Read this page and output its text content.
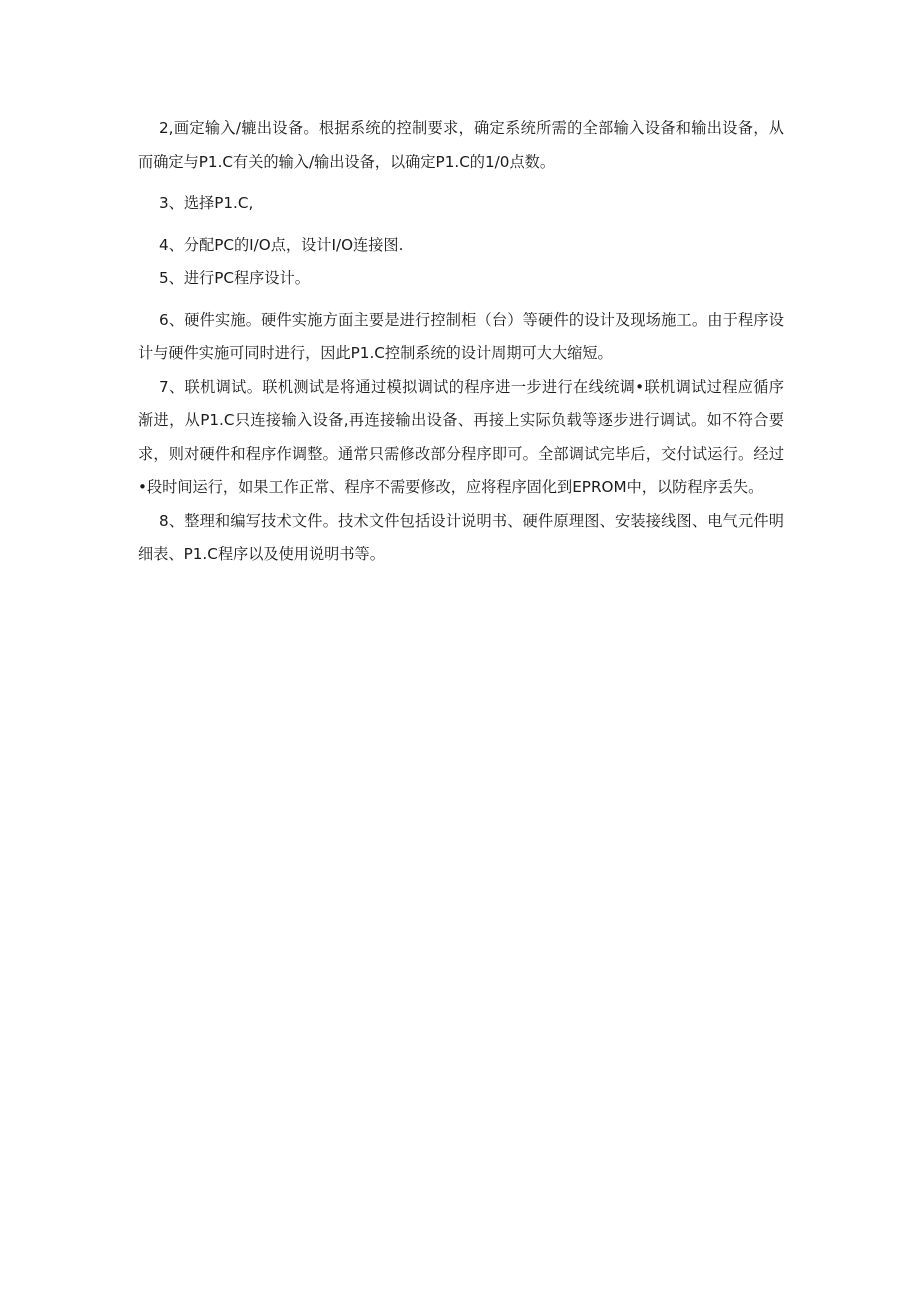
2,画定输入/辘出设备。根据系统的控制要求，确定系统所需的全部输入设备和输出设备，从而确定与P1.C有关的输入/输出设备，以确定P1.C的1/0点数。

3、选择P1.C,

4、分配PC的I/O点，设计I/O连接图.

5、进行PC程序设计。

6、硬件实施。硬件实施方面主要是进行控制柜（台）等硬件的设计及现场施工。由于程序设计与硬件实施可同时进行，因此P1.C控制系统的设计周期可大大缩短。

7、联机调试。联机测试是将通过模拟调试的程序进一步进行在线统调•联机调试过程应循序渐进，从P1.C只连接输入设备,再连接输出设备、再接上实际负载等逐步进行调试。如不符合要求，则对硬件和程序作调整。通常只需修改部分程序即可。全部调试完毕后，交付试运行。经过•段时间运行，如果工作正常、程序不需要修改，应将程序固化到EPROM中，以防程序丢失。

8、整理和编写技术文件。技术文件包括设计说明书、硬件原理图、安装接线图、电气元件明细表、P1.C程序以及使用说明书等。
